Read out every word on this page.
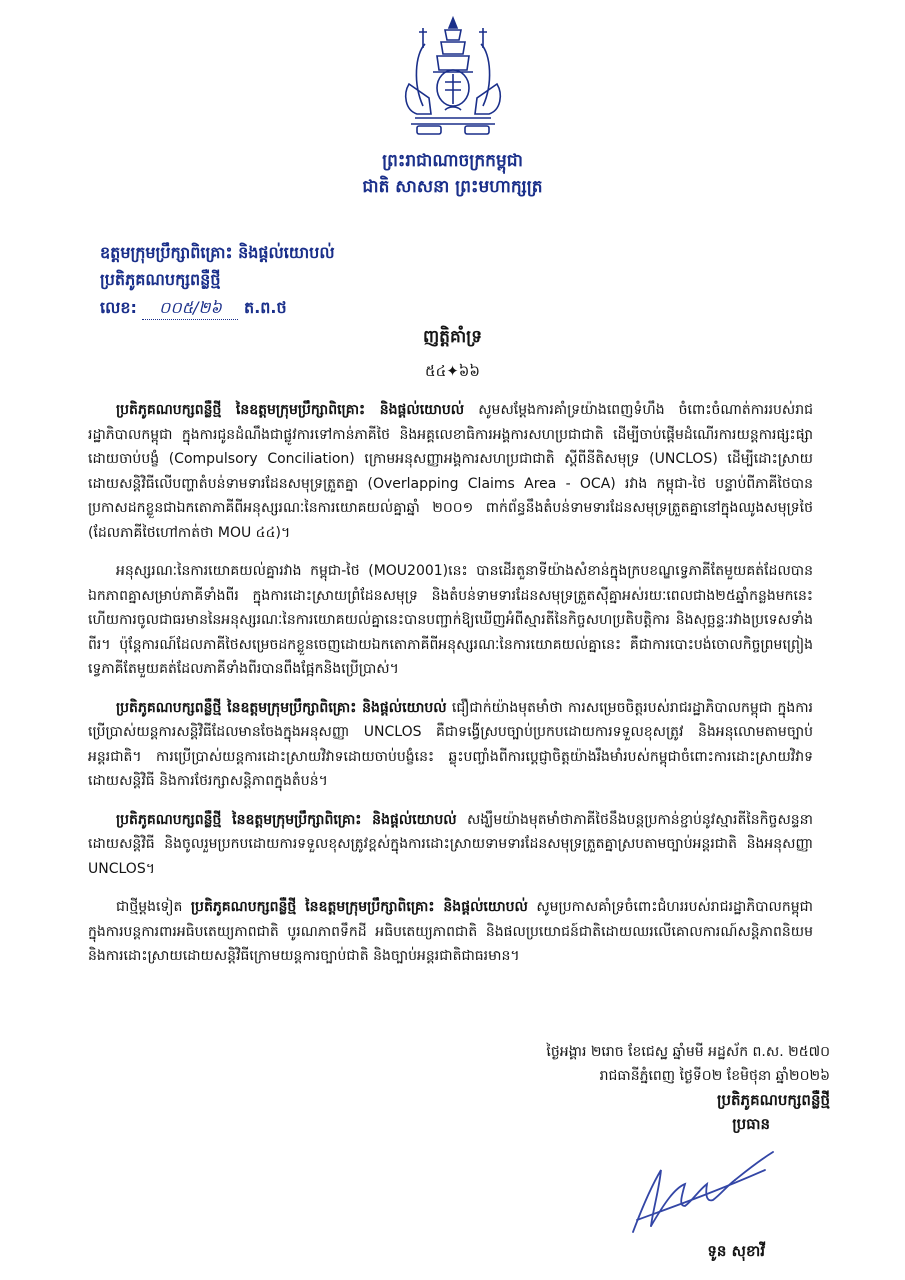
ព្រះរាជាណាចក្រកម្ពុជា
ជាតិ សាសនា ព្រះមហាក្សត្រ
ឧត្តមក្រុមប្រឹក្សាពិគ្រោះ និងផ្តល់យោបល់
ប្រតិភូគណបក្សពន្លឺថ្មី
លេខ: ០០៥/២៦ ត.ព.ថ
ញត្តិគាំទ្រ
៥៤✦៦៦

ប្រតិភូគណបក្សពន្លឺថ្មី នៃឧត្តមក្រុមប្រឹក្សាពិគ្រោះ និងផ្តល់យោបល់ សូមសម្តែងការគាំទ្រយ៉ាងពេញទំហឹង ចំពោះចំណាត់ការរបស់រាជរដ្ឋាភិបាលកម្ពុជា ក្នុងការជូនដំណឹងជាផ្លូវការទៅកាន់ភាគីថៃ និងអគ្គលេខាធិការអង្គការសហប្រជាជាតិ ដើម្បីចាប់ផ្តើមដំណើរការយន្តការផ្សះផ្សាដោយចាប់បង្ខំ (Compulsory Conciliation) ក្រោមអនុសញ្ញាអង្គការសហប្រជាជាតិ ស្តីពីនីតិសមុទ្រ (UNCLOS) ដើម្បីដោះស្រាយដោយសន្តិវិធីលើបញ្ហាតំបន់ទាមទារដែនសមុទ្រត្រួតគ្នា (Overlapping Claims Area - OCA) រវាង កម្ពុជា-ថៃ បន្ទាប់ពីភាគីថៃបានប្រកាសដកខ្លួនជាឯកតោភាគីពីអនុស្សរណៈនៃការយោគយល់គ្នាឆ្នាំ ២០០១ ពាក់ព័ន្ធនឹងតំបន់ទាមទារដែនសមុទ្រត្រួតគ្នានៅក្នុងឈូងសមុទ្រថៃ (ដែលភាគីថៃហៅកាត់ថា MOU ៤៤)។

អនុស្សរណៈនៃការយោគយល់គ្នារវាង កម្ពុជា-ថៃ (MOU2001)នេះ បានដើរតួនាទីយ៉ាងសំខាន់ក្នុងក្របខណ្ឌទ្វេភាគីតែមួយគត់ដែលបានឯកភាពគ្នាសម្រាប់ភាគីទាំងពីរ ក្នុងការដោះស្រាយព្រំដែនសមុទ្រ និងតំបន់ទាមទារដែនសមុទ្រត្រួតស៊ីគ្នាអស់រយៈពេលជាង២៥ឆ្នាំកន្លងមកនេះ ហើយការចូលជាធរមាននៃអនុស្សរណៈនៃការយោគយល់គ្នានេះបានបញ្ជាក់ឱ្យឃើញអំពីស្មារតីនៃកិច្ចសហប្រតិបត្តិការ និងសុច្ឆន្ទៈរវាងប្រទេសទាំងពីរ។ ប៉ុន្តែការណ៍ដែលភាគីថៃសម្រេចដកខ្លួនចេញដោយឯកតោភាគីពីអនុស្សរណៈនៃការយោគយល់គ្នានេះ គឺជាការបោះបង់ចោលកិច្ចព្រមព្រៀងទ្វេភាគីតែមួយគត់ដែលភាគីទាំងពីរបានពឹងផ្អែកនិងប្រើប្រាស់។

ប្រតិភូគណបក្សពន្លឺថ្មី នៃឧត្តមក្រុមប្រឹក្សាពិគ្រោះ និងផ្តល់យោបល់ ជឿជាក់យ៉ាងមុតមាំថា ការសម្រេចចិត្តរបស់រាជរដ្ឋាភិបាលកម្ពុជា ក្នុងការប្រើប្រាស់យន្តការសន្តិវិធីដែលមានចែងក្នុងអនុសញ្ញា UNCLOS គឺជាទង្វើស្របច្បាប់ប្រកបដោយការទទួលខុសត្រូវ និងអនុលោមតាមច្បាប់អន្តរជាតិ។ ការប្រើប្រាស់យន្តការដោះស្រាយវិវាទដោយចាប់បង្ខំនេះ ឆ្លុះបញ្ចាំងពីការប្តេជ្ញាចិត្តយ៉ាងរឹងមាំរបស់កម្ពុជាចំពោះការដោះស្រាយវិវាទដោយសន្តិវិធី និងការថែរក្សាសន្តិភាពក្នុងតំបន់។

ប្រតិភូគណបក្សពន្លឺថ្មី នៃឧត្តមក្រុមប្រឹក្សាពិគ្រោះ និងផ្តល់យោបល់ សង្ឃឹមយ៉ាងមុតមាំថាភាគីថៃនឹងបន្តប្រកាន់ខ្ជាប់នូវស្មារតីនៃកិច្ចសន្ទនាដោយសន្តិវិធី និងចូលរួមប្រកបដោយការទទួលខុសត្រូវខ្ពស់ក្នុងការដោះស្រាយទាមទារដែនសមុទ្រត្រួតគ្នាស្របតាមច្បាប់អន្តរជាតិ និងអនុសញ្ញា UNCLOS។

ជាថ្មីម្តងទៀត ប្រតិភូគណបក្សពន្លឺថ្មី នៃឧត្តមក្រុមប្រឹក្សាពិគ្រោះ និងផ្តល់យោបល់ សូមប្រកាសគាំទ្រចំពោះជំហររបស់រាជរដ្ឋាភិបាលកម្ពុជា ក្នុងការបន្តការពារអធិបតេយ្យភាពជាតិ បូរណភាពទឹកដី អធិបតេយ្យភាពជាតិ និងផលប្រយោជន៍ជាតិដោយឈរលើគោលការណ៍សន្តិភាពនិយម និងការដោះស្រាយដោយសន្តិវិធីក្រោមយន្តការច្បាប់ជាតិ និងច្បាប់អន្តរជាតិជាធរមាន។

ថ្ងៃអង្គារ ២រោច ខែជេស្ឋ ឆ្នាំមមី អដ្ឋស័ក ព.ស. ២៥៧០
រាជធានីភ្នំពេញ ថ្ងៃទី០២ ខែមិថុនា ឆ្នាំ២០២៦
ប្រតិភូគណបក្សពន្លឺថ្មី
ប្រធាន
ទូន សុខាវី
